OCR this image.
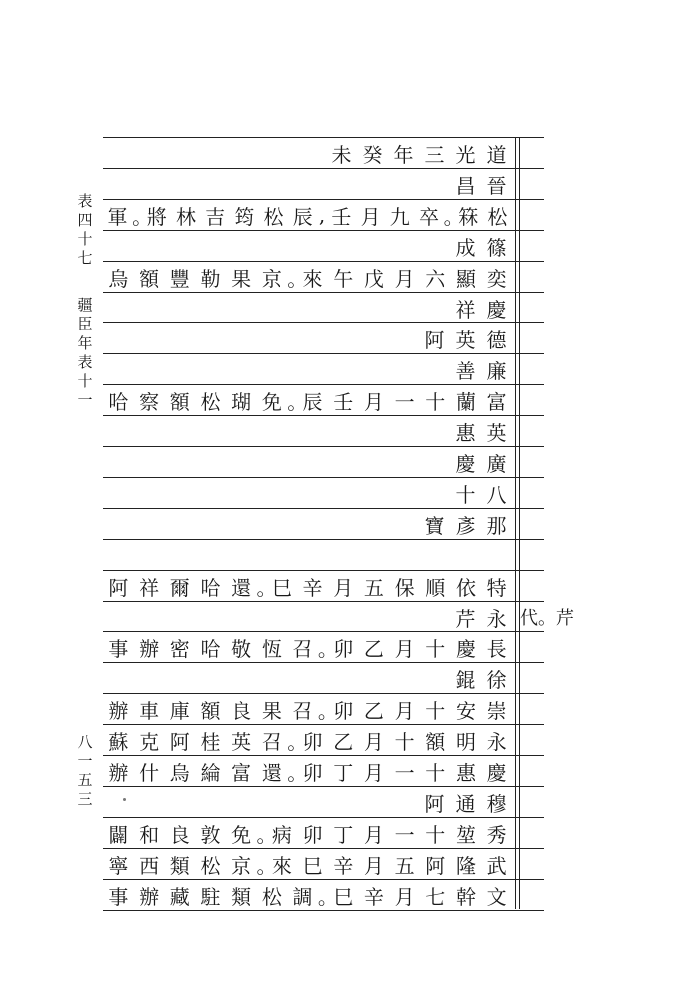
表
四
十
七

疆
臣
年
表
十
一
八
一
五
三
未 癸 年 三 光 道
昌 晉
軍 。
將 林 吉 筠 松 辰 , 壬 月 九 卒 。
箖 松
成 篠
烏 額 豐 勒 果 京 。
來 午 戊 月 六 顯 奕
祥 慶
阿 英 德
善 廉
哈 察 額 松 瑚 免 。
辰 壬 月 一 十 蘭 富
惠 英
慶 廣
十 八
寶 彥 那
阿 祥 爾 哈 還 。
巳 辛 月 五 保 順 依 特
芹 永 代。芹
事 辦 密 哈 敬 恆 召 。
卯 乙 月 十 慶 長
錕 徐
辦 車 庫 額 良 果 召 。
卯 乙 月 十 安 崇
蘇 克 阿 桂 英 召 。
卯 乙 月 十 額 明 永
辦 什 烏 綸 富 還 。
卯 丁 月 一 十 惠 慶
阿 通 穆
闢 和 良 敦 免 。
病 卯 丁 月 一 十 堃 秀
寧 西 類 松 京 。
來 巳 辛 月 五 阿 隆 武
事 辦 藏 駐 類 松 調 。
巳 辛 月 七 幹 文
